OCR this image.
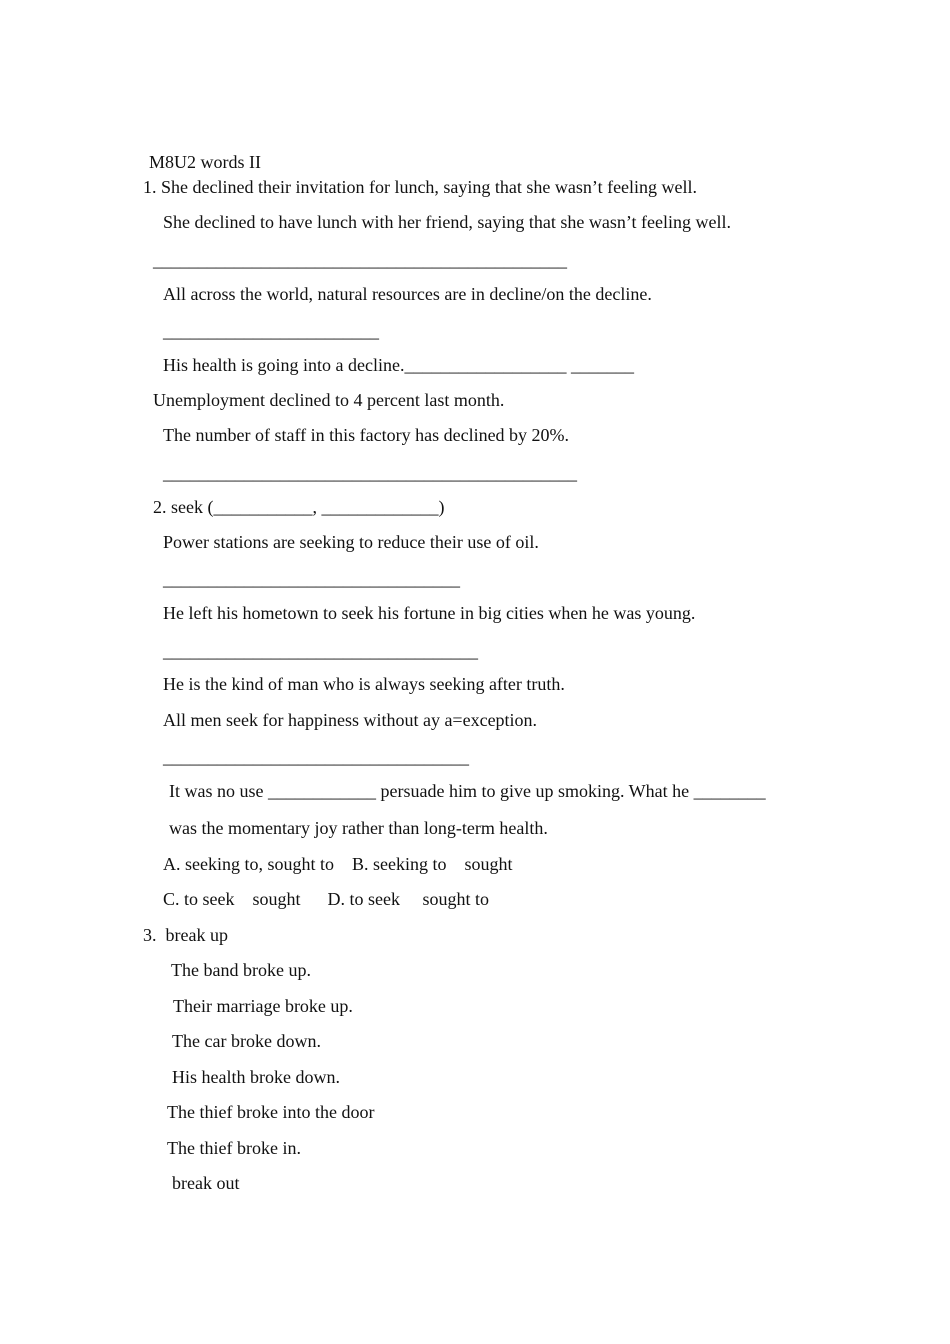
M8U2 words II
1. She declined their invitation for lunch, saying that she wasn’t feeling well.
She declined to have lunch with her friend, saying that she wasn’t feeling well.
______________________________________________
All across the world, natural resources are in decline/on the decline.
________________________
His health is going into a decline.__________________ _______
Unemployment declined to 4 percent last month.
The number of staff in this factory has declined by 20%.
______________________________________________
2. seek (___________, _____________)
Power stations are seeking to reduce their use of oil.
_________________________________
He left his hometown to seek his fortune in big cities when he was young.
___________________________________
He is the kind of man who is always seeking after truth.
All men seek for happiness without ay a=exception.
__________________________________
It was no use ____________ persuade him to give up smoking. What he ________
was the momentary joy rather than long-term health.
A. seeking to, sought to    B. seeking to    sought
C. to seek    sought      D. to seek     sought to
3.  break up
The band broke up.
Their marriage broke up.
The car broke down.
His health broke down.
The thief broke into the door
The thief broke in.
break out
